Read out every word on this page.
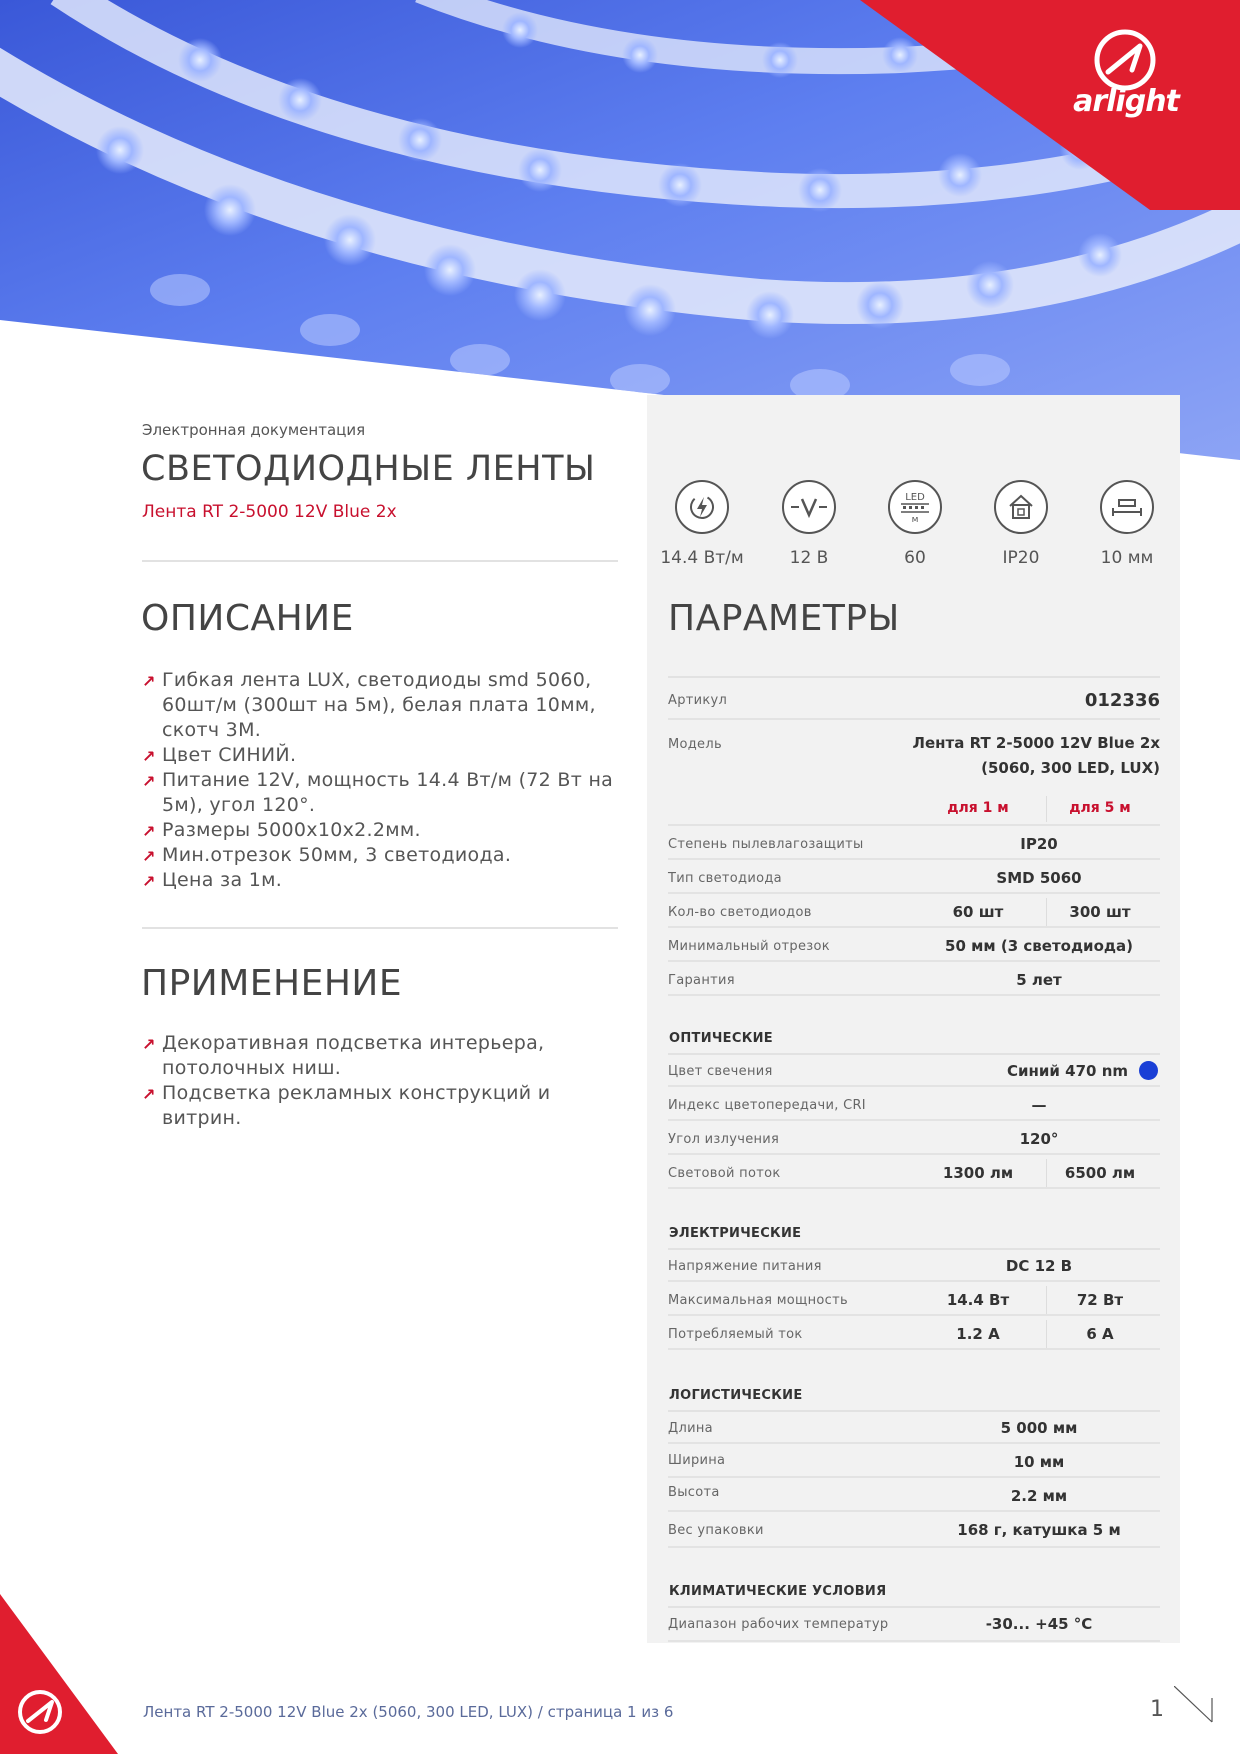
arlight
Электронная документация
СВЕТОДИОДНЫЕ ЛЕНТЫ
Лента RT 2-5000 12V Blue 2x
ОПИСАНИЕ
↗ Гибкая лента LUX, светодиоды smd 5060, 60шт/м (300шт на 5м), белая плата 10мм, скотч 3М.
↗ Цвет СИНИЙ.
↗ Питание 12V, мощность 14.4 Вт/м (72 Вт на 5м), угол 120°.
↗ Размеры 5000x10x2.2мм.
↗ Мин.отрезок 50мм, 3 светодиода.
↗ Цена за 1м.
ПРИМЕНЕНИЕ
↗ Декоративная подсветка интерьера, потолочных ниш.
↗ Подсветка рекламных конструкций и витрин.
14.4 Вт/м	12 В
LED
м
60	IP20	10 мм
ПАРАМЕТРЫ
Артикул	012336
Модель	Лента RT 2-5000 12V Blue 2x
(5060, 300 LED, LUX)
для 1 м	для 5 м
Степень пылевлагозащиты	IP20
Тип светодиода	SMD 5060
Кол-во светодиодов	60 шт	300 шт
Минимальный отрезок	50 мм (3 светодиода)
Гарантия	5 лет
ОПТИЧЕСКИЕ
Цвет свечения	Синий 470 nm
Индекс цветопередачи, CRI	—
Угол излучения	120°
Световой поток	1300 лм	6500 лм
ЭЛЕКТРИЧЕСКИЕ
Напряжение питания	DC 12 В
Максимальная мощность	14.4 Вт	72 Вт
Потребляемый ток	1.2 A	6 A
ЛОГИСТИЧЕСКИЕ
Длина	5 000 мм
Ширина	10 мм
Высота	2.2 мм
Вес упаковки	168 г, катушка 5 м
КЛИМАТИЧЕСКИЕ УСЛОВИЯ
Диапазон рабочих температур	-30... +45 °C
Лента RT 2-5000 12V Blue 2x (5060, 300 LED, LUX) / страница 1 из 6	1
